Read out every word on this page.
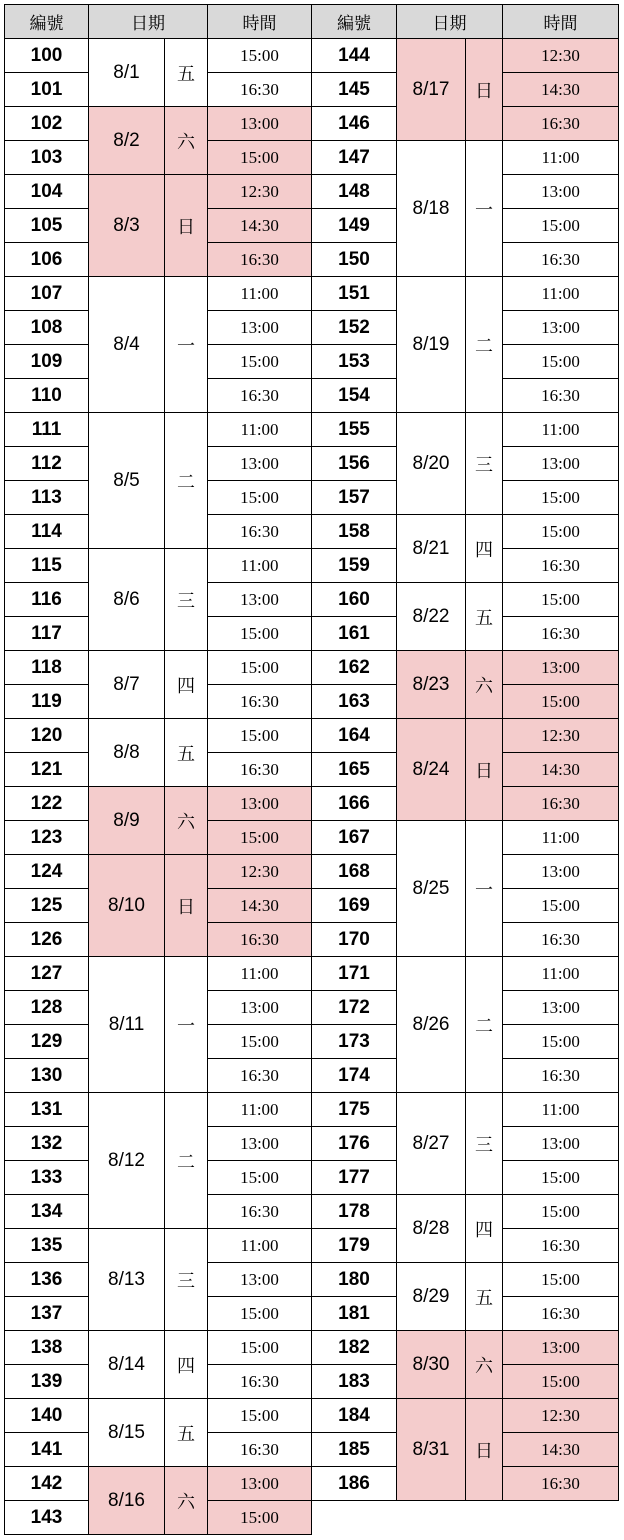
編號	日期	時間	編號	日期	時間
8/1	五
100	15:00
101	16:30
8/2	六
102	13:00
103	15:00
8/3	日
104	12:30
105	14:30
106	16:30
8/4	一
107	11:00
108	13:00
109	15:00
110	16:30
8/5	二
111	11:00
112	13:00
113	15:00
114	16:30
8/6	三
115	11:00
116	13:00
117	15:00
8/7	四
118	15:00
119	16:30
8/8	五
120	15:00
121	16:30
8/9	六
122	13:00
123	15:00
8/10	日
124	12:30
125	14:30
126	16:30
8/11	一
127	11:00
128	13:00
129	15:00
130	16:30
8/12	二
131	11:00
132	13:00
133	15:00
134	16:30
8/13	三
135	11:00
136	13:00
137	15:00
8/14	四
138	15:00
139	16:30
8/15	五
140	15:00
141	16:30
8/16	六
142	13:00
143	15:00
8/17	日
144	12:30
145	14:30
146	16:30
8/18	一
147	11:00
148	13:00
149	15:00
150	16:30
8/19	二
151	11:00
152	13:00
153	15:00
154	16:30
8/20	三
155	11:00
156	13:00
157	15:00
8/21	四
158	15:00
159	16:30
8/22	五
160	15:00
161	16:30
8/23	六
162	13:00
163	15:00
8/24	日
164	12:30
165	14:30
166	16:30
8/25	一
167	11:00
168	13:00
169	15:00
170	16:30
8/26	二
171	11:00
172	13:00
173	15:00
174	16:30
8/27	三
175	11:00
176	13:00
177	15:00
8/28	四
178	15:00
179	16:30
8/29	五
180	15:00
181	16:30
8/30	六
182	13:00
183	15:00
8/31	日
184	12:30
185	14:30
186	16:30
